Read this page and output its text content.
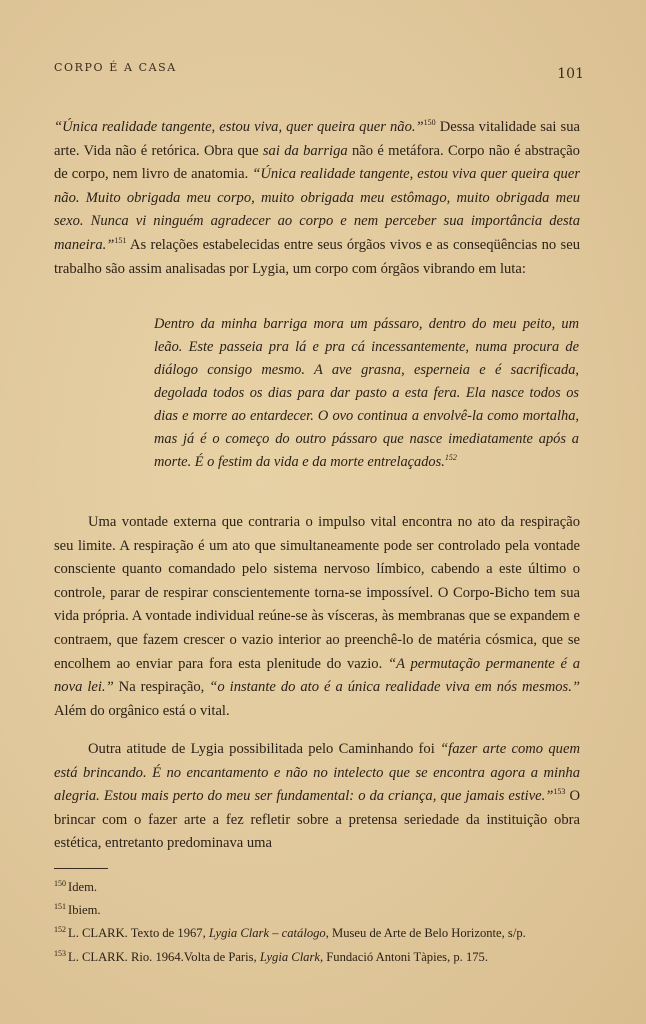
CORPO É A CASA	101

“Única realidade tangente, estou viva, quer queira quer não.”$^{150}$ Dessa vitalidade sai sua arte. Vida não é retórica. Obra que sai da barriga não é metáfora. Corpo não é abstração de corpo, nem livro de anatomia. “Única realidade tangente, estou viva quer queira quer não. Muito obrigada meu corpo, muito obrigada meu estômago, muito obrigada meu sexo. Nunca vi ninguém agradecer ao corpo e nem perceber sua importância desta maneira.”$^{151}$ As relações estabelecidas entre seus órgãos vivos e as conseqüências no seu trabalho são assim analisadas por Lygia, um corpo com órgãos vibrando em luta:

Dentro da minha barriga mora um pássaro, dentro do meu peito, um leão. Este passeia pra lá e pra cá incessantemente, numa procura de diálogo consigo mesmo. A ave grasna, esperneia e é sacrificada, degolada todos os dias para dar pasto a esta fera. Ela nasce todos os dias e morre ao entardecer. O ovo continua a envolvê-la como mortalha, mas já é o começo do outro pássaro que nasce imediatamente após a morte. É o festim da vida e da morte entrelaçados.$^{152}$

Uma vontade externa que contraria o impulso vital encontra no ato da respiração seu limite. A respiração é um ato que simultaneamente pode ser controlado pela vontade consciente quanto comandado pelo sistema nervoso límbico, cabendo a este último o controle, parar de respirar conscientemente torna-se impossível. O Corpo-Bicho tem sua vida própria. A vontade individual reúne-se às vísceras, às membranas que se expandem e contraem, que fazem crescer o vazio interior ao preenchê-lo de matéria cósmica, que se encolhem ao enviar para fora esta plenitude do vazio. “A permutação permanente é a nova lei.” Na respiração, “o instante do ato é a única realidade viva em nós mesmos.” Além do orgânico está o vital.

Outra atitude de Lygia possibilitada pelo Caminhando foi “fazer arte como quem está brincando. É no encantamento e não no intelecto que se encontra agora a minha alegria. Estou mais perto do meu ser fundamental: o da criança, que jamais estive.”$^{153}$ O brincar com o fazer arte a fez refletir sobre a pretensa seriedade da instituição obra estética, entretanto predominava uma

$^{150}$ Idem.
$^{151}$ Ibiem.
$^{152}$ L. CLARK. Texto de 1967, Lygia Clark – catálogo, Museu de Arte de Belo Horizonte, s/p.
$^{153}$ L. CLARK. Rio. 1964.Volta de Paris, Lygia Clark, Fundació Antoni Tàpies, p. 175.
